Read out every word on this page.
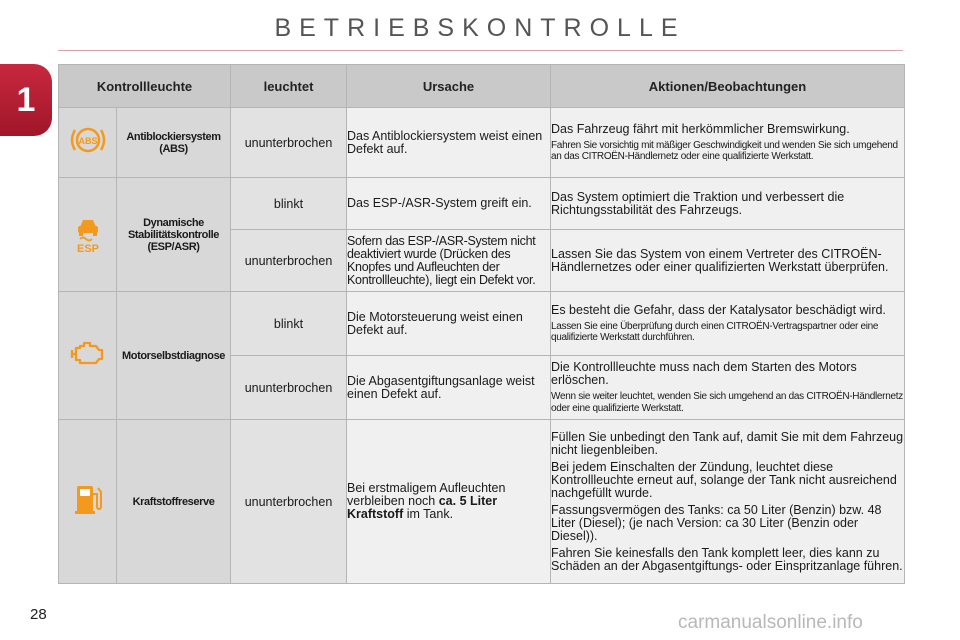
BETRIEBSKONTROLLE
1	Kontrollleuchte		leuchtet	Ursache	Aktionen/Beobachtungen

ABS	Antiblockiersystem (ABS)	ununterbrochen	Das Antiblockiersystem weist einen Defekt auf.	Das Fahrzeug fährt mit herkömmlicher Bremswirkung.

Fahren Sie vorsichtig mit mäßiger Geschwindigkeit und wenden Sie sich umgehend an das CITROËN-Händlernetz oder eine qualifizierte Werkstatt.

ESP	Dynamische Stabilitätskontrolle (ESP/ASR)	blinkt	Das ESP-/ASR-System greift ein.	Das System optimiert die Traktion und verbessert die Richtungsstabilität des Fahrzeugs.

		ununterbrochen	Sofern das ESP-/ASR-System nicht deaktiviert wurde (Drücken des Knopfes und Aufleuchten der Kontrollleuchte), liegt ein Defekt vor.	Lassen Sie das System von einem Vertreter des CITROËN-Händlernetzes oder einer qualifizierten Werkstatt überprüfen.

	Motorselbstdiagnose	blinkt	Die Motorsteuerung weist einen Defekt auf.	Es besteht die Gefahr, dass der Katalysator beschädigt wird.

Lassen Sie eine Überprüfung durch einen CITROËN-Vertragspartner oder eine qualifizierte Werkstatt durchführen.

		ununterbrochen	Die Abgasentgiftungsanlage weist einen Defekt auf.	Die Kontrollleuchte muss nach dem Starten des Motors erlöschen.

Wenn sie weiter leuchtet, wenden Sie sich umgehend an das CITROËN-Händlernetz oder eine qualifizierte Werkstatt.

	Kraftstoffreserve	ununterbrochen	Bei erstmaligem Aufleuchten verbleiben noch ca. 5 Liter Kraftstoff im Tank.	Füllen Sie unbedingt den Tank auf, damit Sie mit dem Fahrzeug nicht liegenbleiben.

Bei jedem Einschalten der Zündung, leuchtet diese Kontrollleuchte erneut auf, solange der Tank nicht ausreichend nachgefüllt wurde.

Fassungsvermögen des Tanks: ca 50 Liter (Benzin) bzw. 48 Liter (Diesel); (je nach Version: ca 30 Liter (Benzin oder Diesel)).

Fahren Sie keinesfalls den Tank komplett leer, dies kann zu Schäden an der Abgasentgiftungs- oder Einspritzanlage führen.

28	carmanualsonline.info
